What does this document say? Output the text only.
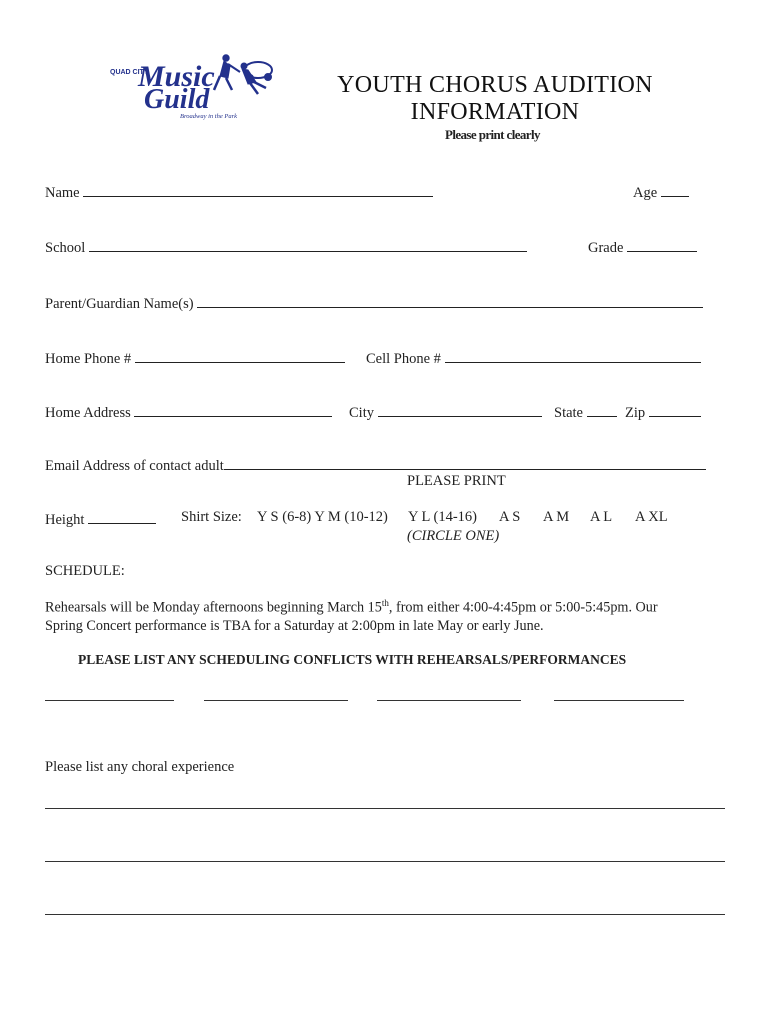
QUAD CITY
Music
Guild
Broadway in the Park
YOUTH CHORUS AUDITION
INFORMATION
Please print clearly
Name	Age
School	Grade
Parent/Guardian Name(s)
Home Phone #	Cell Phone #
Home Address	City	State	Zip
Email Address of contact adult
PLEASE PRINT
Height	Shirt Size: Y S (6-8) Y M (10-12) Y L (14-16) A S A M A L A XL
(CIRCLE ONE)
SCHEDULE:
Rehearsals will be Monday afternoons beginning March 15th, from either 4:00-4:45pm or 5:00-5:45pm. Our
Spring Concert performance is TBA for a Saturday at 2:00pm in late May or early June.
PLEASE LIST ANY SCHEDULING CONFLICTS WITH REHEARSALS/PERFORMANCES
Please list any choral experience
